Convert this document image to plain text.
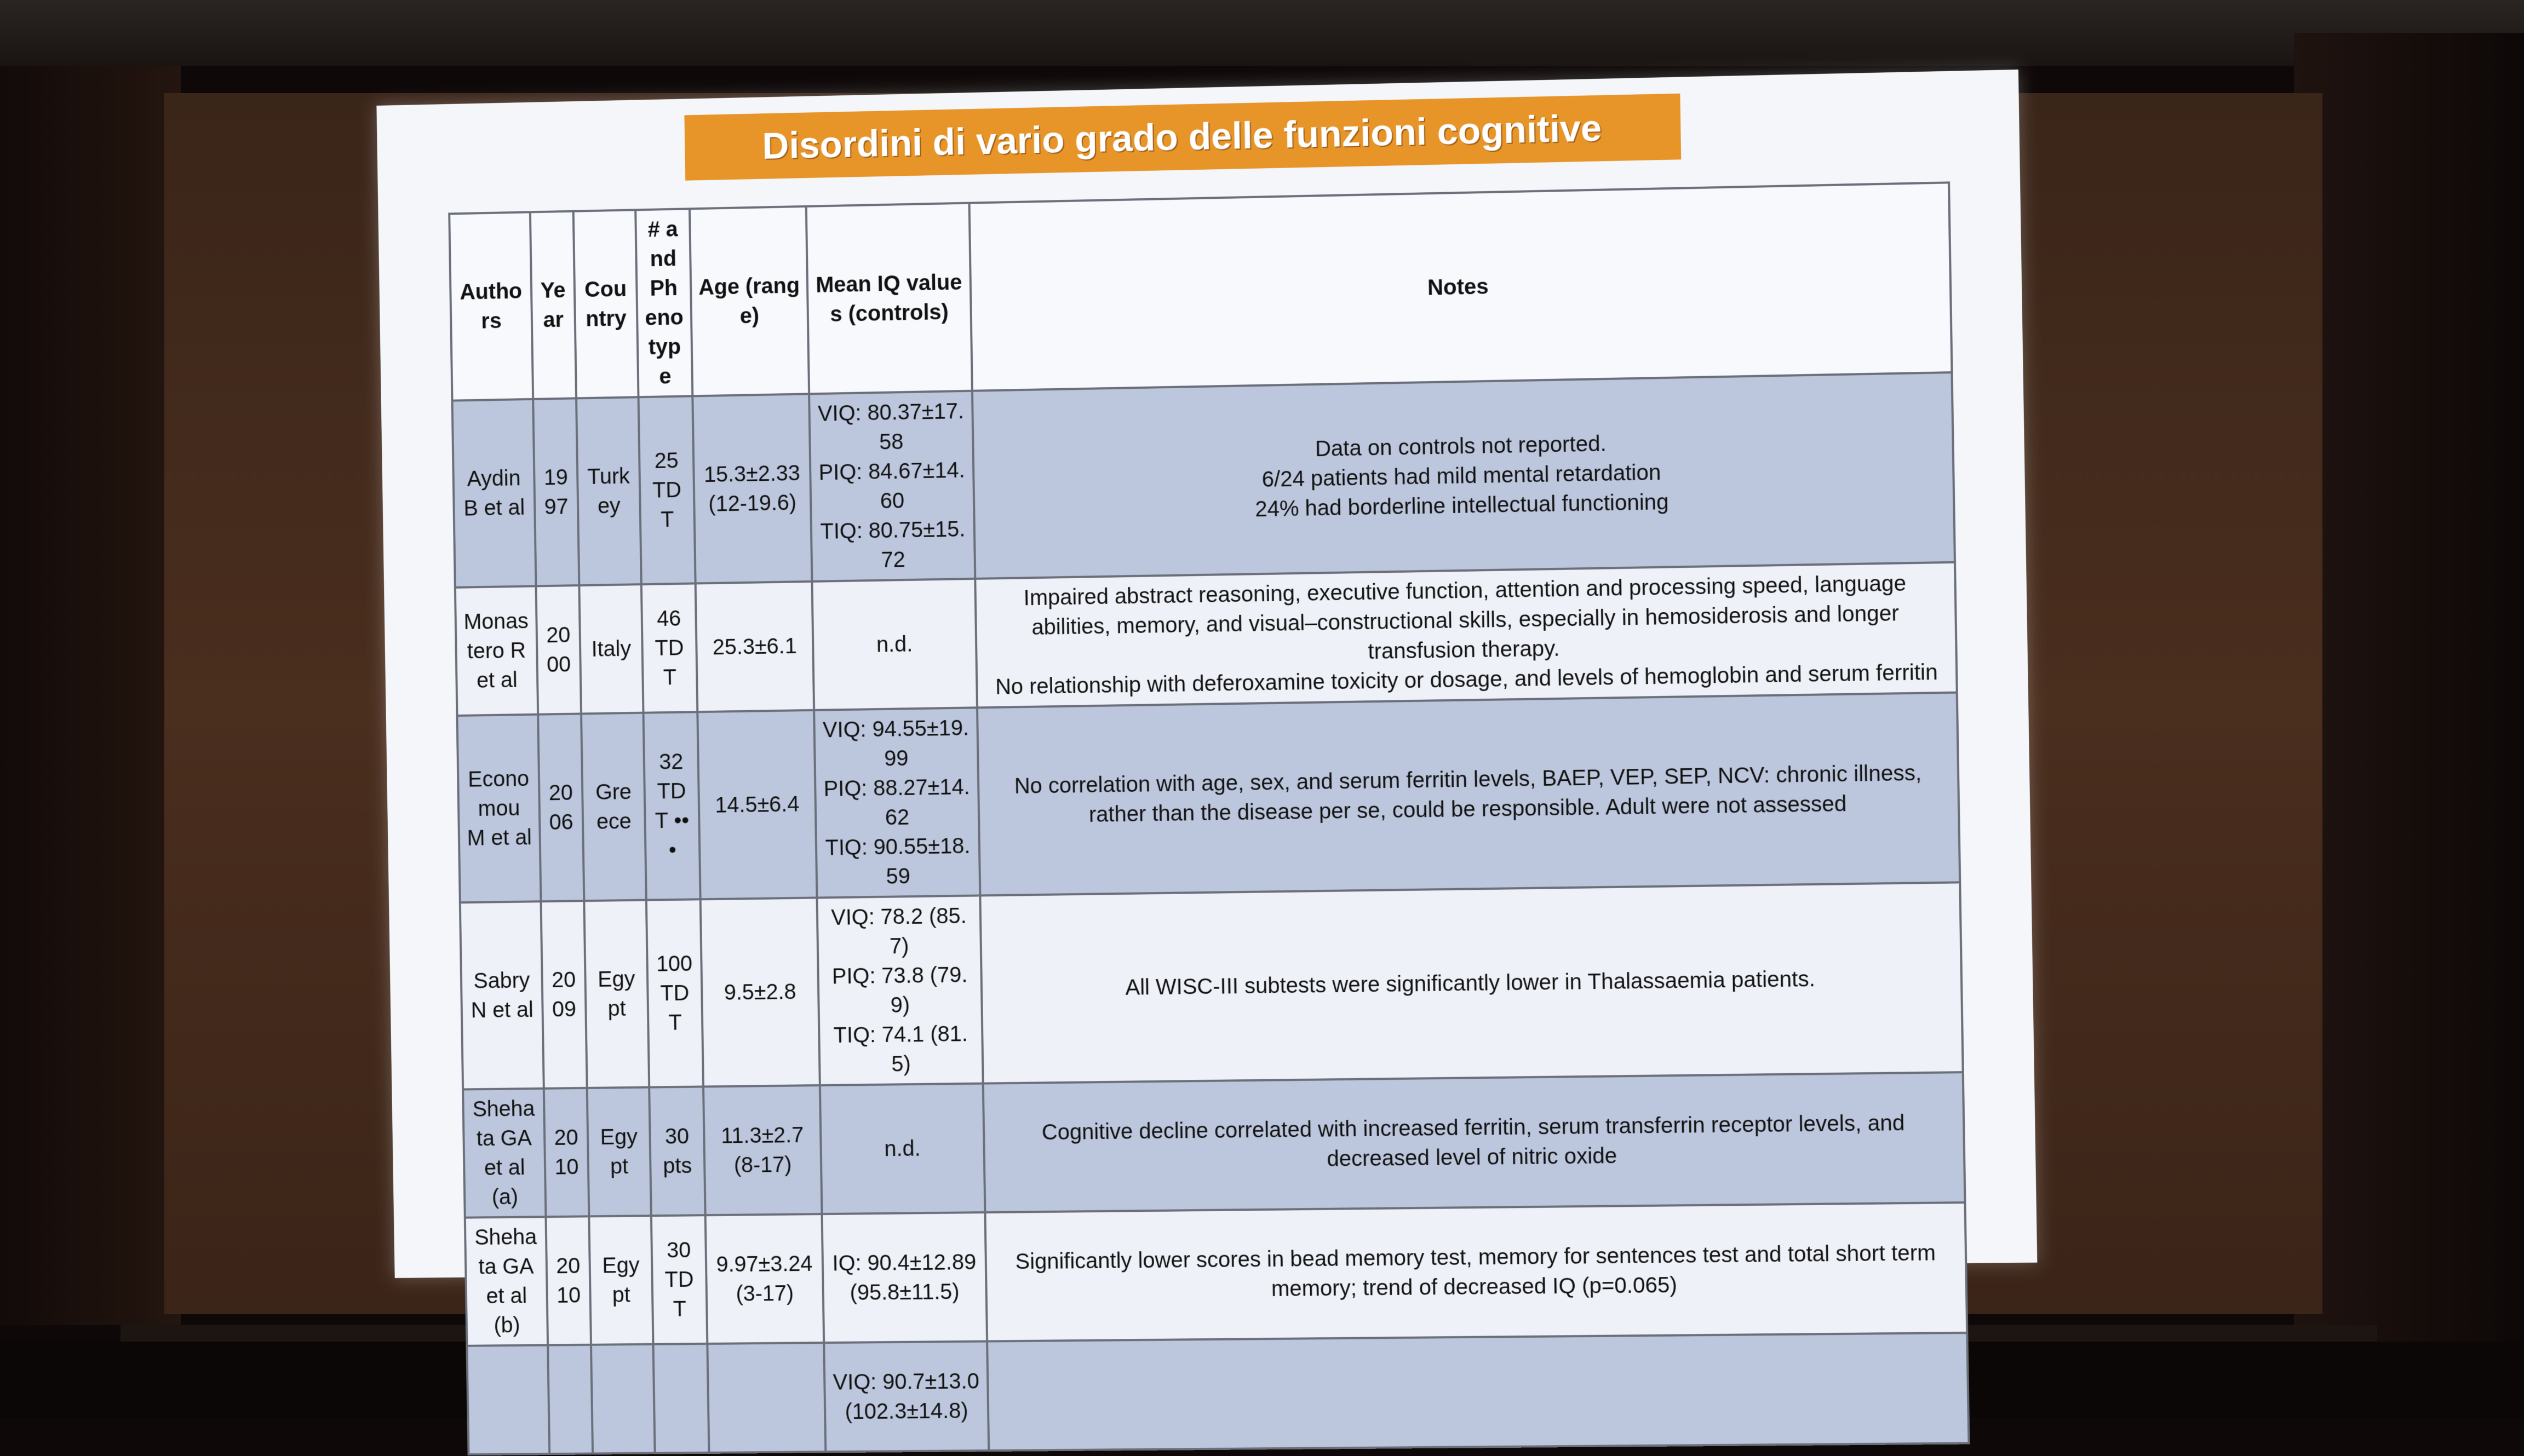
Disordini di vario grado delle funzioni cognitive
Authors	Year	Country	# and Phenotype	Age (range)	Mean IQ values (controls)	Notes
Aydin B et al	1997	Turkey	25 TDT	15.3±2.33 (12-19.6)	VIQ: 80.37±17.58
PIQ: 84.67±14.60
TIQ: 80.75±15.72	Data on controls not reported.
6/24 patients had mild mental retardation
24% had borderline intellectual functioning

Monastero R et al	2000	Italy	46 TDT	25.3±6.1	n.d.	Impaired abstract reasoning, executive function, attention and processing speed, language abilities, memory, and visual–constructional skills, especially in hemosiderosis and longer transfusion therapy.
No relationship with deferoxamine toxicity or dosage, and levels of hemoglobin and serum ferritin

Economou M et al	2006	Greece	32 TDT •••	14.5±6.4	VIQ: 94.55±19.99
PIQ: 88.27±14.62
TIQ: 90.55±18.59	No correlation with age, sex, and serum ferritin levels, BAEP, VEP, SEP, NCV: chronic illness, rather than the disease per se, could be responsible. Adult were not assessed

Sabry N et al	2009	Egypt	100 TDT	9.5±2.8	VIQ: 78.2 (85.7)
PIQ: 73.8 (79.9)
TIQ: 74.1 (81.5)	All WISC-III subtests were significantly lower in Thalassaemia patients.

Shehata GA et al (a)	2010	Egypt	30 pts	11.3±2.7 (8-17)	n.d.	Cognitive decline correlated with increased ferritin, serum transferrin receptor levels, and decreased level of nitric oxide

Shehata GA et al (b)	2010	Egypt	30 TDT	9.97±3.24 (3-17)	IQ: 90.4±12.89
(95.8±11.5)	Significantly lower scores in bead memory test, memory for sentences test and total short term memory; trend of decreased IQ (p=0.065)

					VIQ: 90.7±13.0
(102.3±14.8)	
